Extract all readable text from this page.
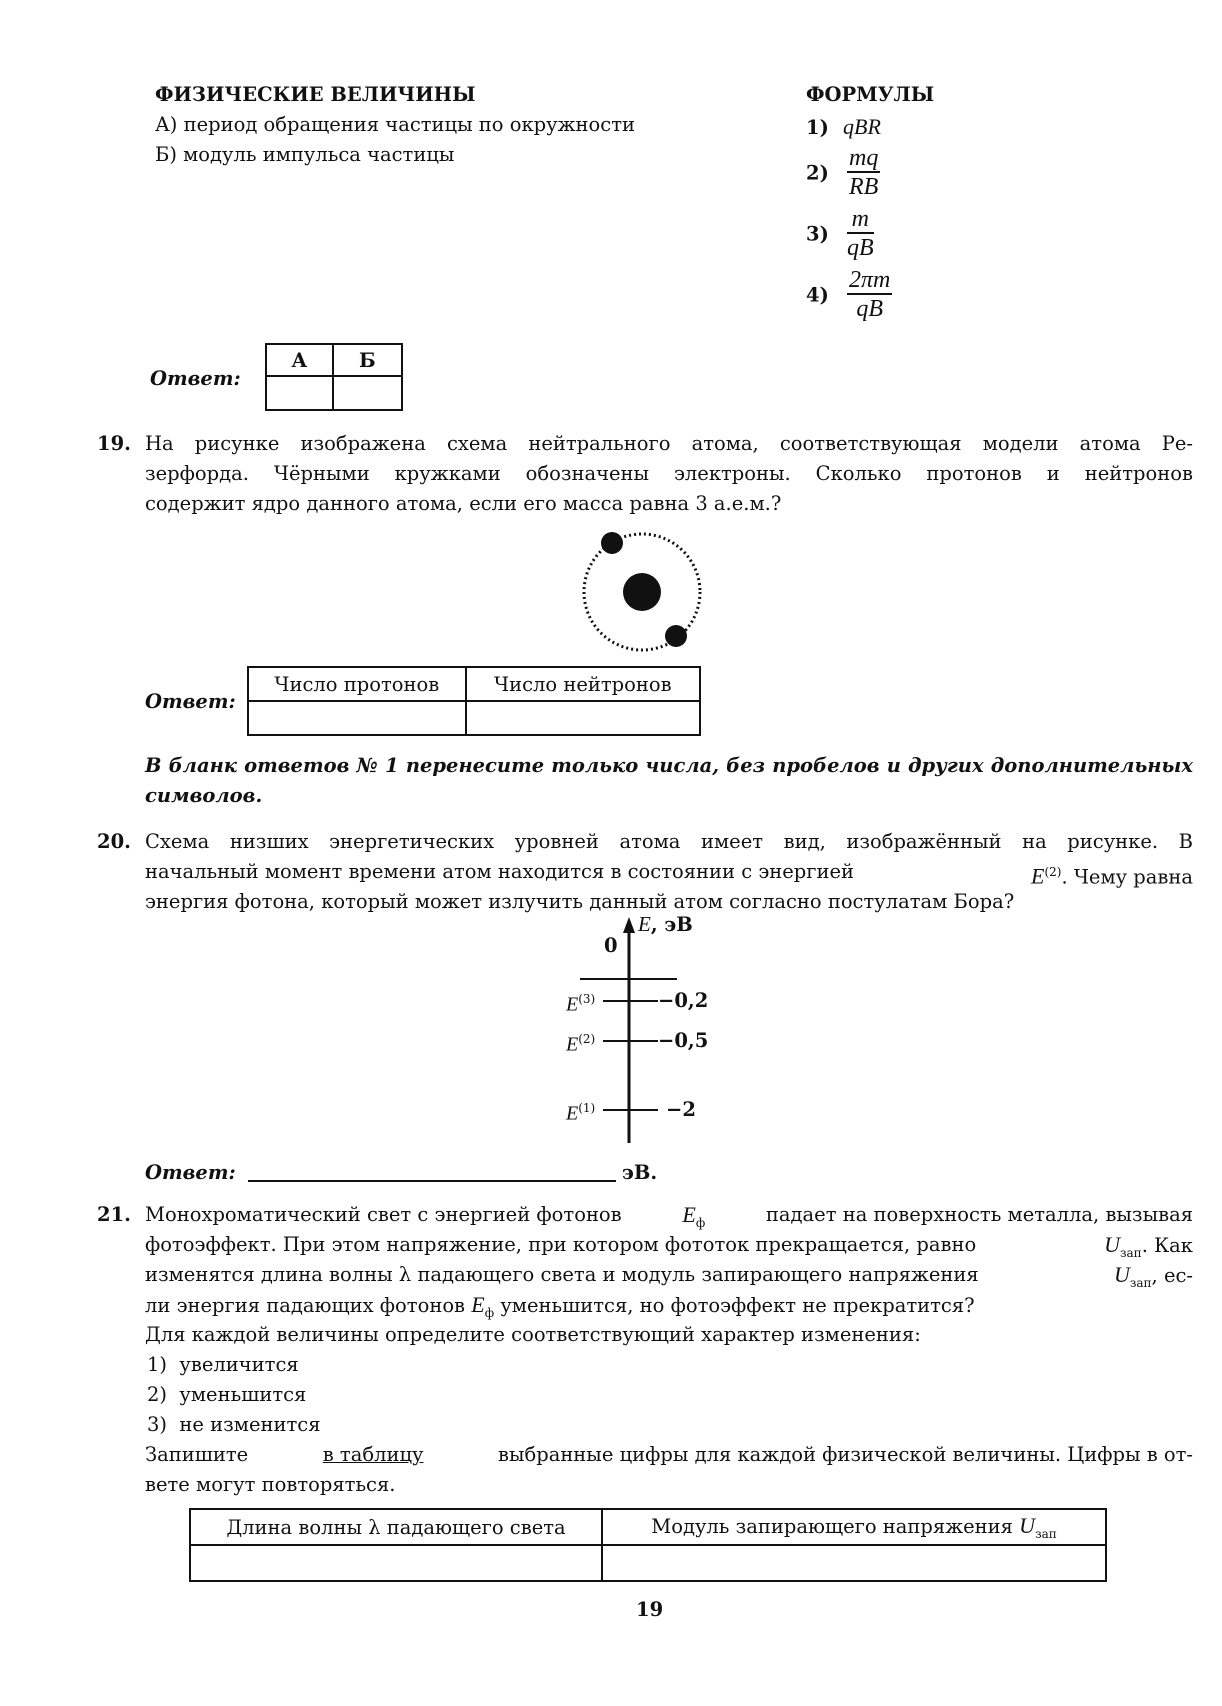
ФИЗИЧЕСКИЕ ВЕЛИЧИНЫ
А) период обращения частицы по окружности
Б) модуль импульса частицы
ФОРМУЛЫ
1) qBR
$2) \frac{mq}{RB}$
$3) \frac{m}{qB}$
$4) \frac{2\pi m}{qB}$
Ответ:
А	Б

19. На рисунке изображена схема нейтрального атома, соответствующая модели атома Ре-
зерфорда. Чёрными кружками обозначены электроны. Сколько протонов и нейтронов
содержит ядро данного атома, если его масса равна 3 а.е.м.?
Ответ:
Число протонов	Число нейтронов

В бланк ответов № 1 перенесите только числа, без пробелов и других дополнительных
символов.
20. Схема низших энергетических уровней атома имеет вид, изображённый на рисунке. В
начальный момент времени атом находится в состоянии с энергией	$E^{(2)}$. Чему равна
энергия фотона, который может излучить данный атом согласно постулатам Бора?
E, эВ
0
$E^{(3)}$	−0,2
$E^{(2)}$	−0,5
$E^{(1)}$	−2
Ответ:	эВ.
21. Монохроматический свет с энергией фотонов	$E_ф$	падает на поверхность металла, вызывая
фотоэффект. При этом напряжение, при котором фототок прекращается, равно	$U_{зап}$. Как
изменятся длина волны λ падающего света и модуль запирающего напряжения	$U_{зап}$, ес-
ли энергия падающих фотонов $E_ф$ уменьшится, но фотоэффект не прекратится?
Для каждой величины определите соответствующий характер изменения:
1)  увеличится
2)  уменьшится
3)  не изменится
Запишите	в таблицу	выбранные цифры для каждой физической величины. Цифры в от-
вете могут повторяться.
Длина волны λ падающего света	Модуль запирающего напряжения $U_{зап}$

19
